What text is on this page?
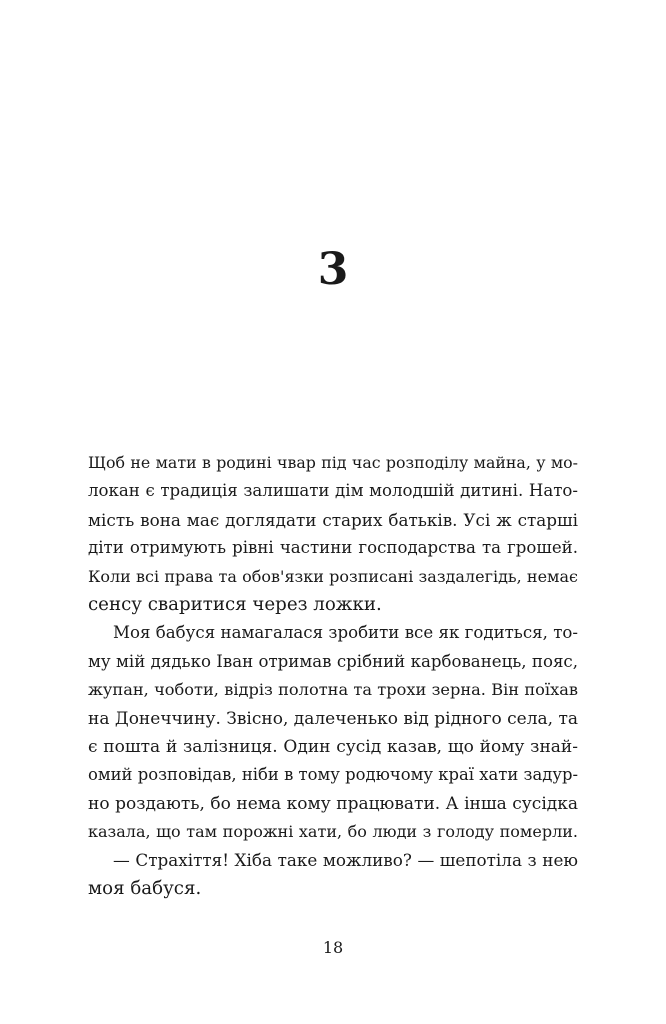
3
Щоб не мати в родині чвар під час розподілу майна, у мо-
локан є традиція залишати дім молодшій дитині. Натo-
мість вона має доглядати старих батьків. Усі ж старші
діти отримують рівні частини господарства та грошей.
Коли всі права та обов'язки розписані заздалегідь, немає
сенсу сваритися через ложки.
Моя бабуся намагалася зробити все як годиться, то-
му мій дядько Іван отримав срібний карбованець, пояс,
жупан, чоботи, відріз полотна та трохи зерна. Він поїхав
на Донеччину. Звісно, далеченько від рідного села, та
є пошта й залізниця. Один сусід казав, що йому знай-
омий розповідав, ніби в тому родючому краї хати задур-
но роздають, бо нема кому працювати. А інша сусідка
казала, що там порожні хати, бо люди з голоду померли.
— Страхіття! Хіба таке можливо? — шепотіла з нею
моя бабуся.
18
